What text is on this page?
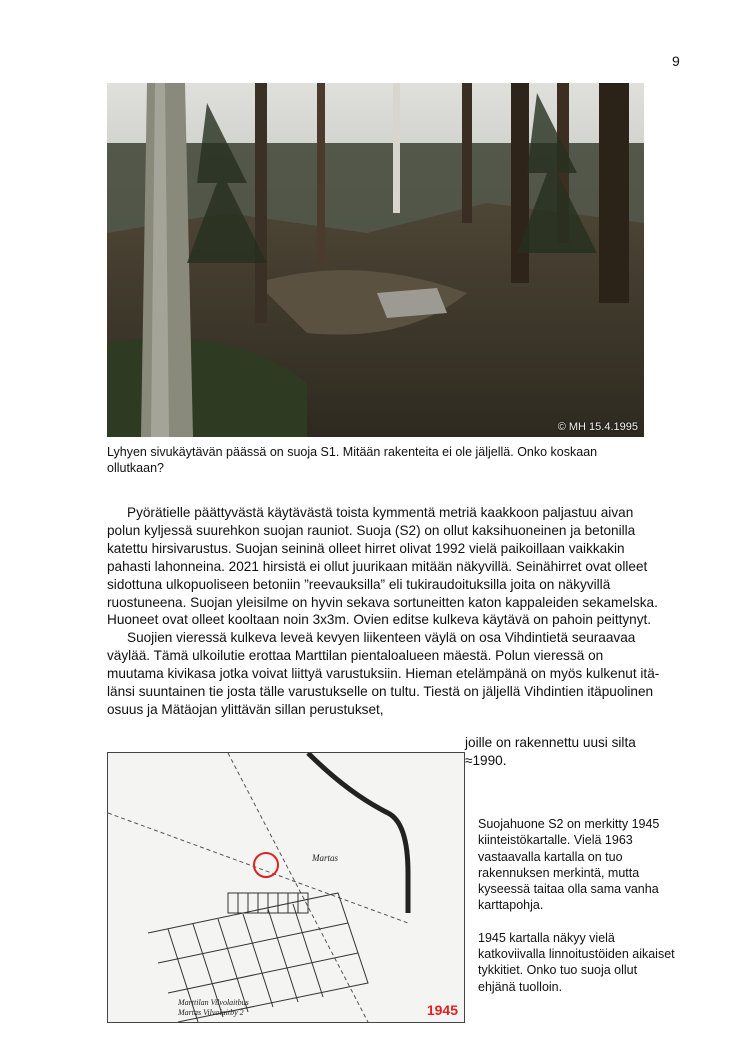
9
© MH 15.4.1995
Lyhyen sivukäytävän päässä on suoja S1. Mitään rakenteita ei ole jäljellä. Onko koskaan ollutkaan?

Pyörätielle päättyvästä käytävästä toista kymmentä metriä kaakkoon paljastuu aivan polun kyljessä suurehkon suojan rauniot. Suoja (S2) on ollut kaksihuoneinen ja betonilla katettu hirsivarustus. Suojan seininä olleet hirret olivat 1992 vielä paikoillaan vaikkakin pahasti lahonneina. 2021 hirsistä ei ollut juurikaan mitään näkyvillä. Seinähirret ovat olleet sidottuna ulkopuoliseen betoniin ”reevauksilla” eli tukiraudoituksilla joita on näkyvillä ruostuneena. Suojan yleisilme on hyvin sekava sortuneitten katon kappaleiden sekamelska. Huoneet ovat olleet kooltaan noin 3x3m. Ovien editse kulkeva käytävä on pahoin peittynyt.

Suojien vieressä kulkeva leveä kevyen liikenteen väylä on osa Vihdintietä seuraavaa väylää. Tämä ulkoilutie erottaa Marttilan pientaloalueen mäestä. Polun vieressä on muutama kivikasa jotka voivat liittyä varustuksiin. Hieman etelämpänä on myös kulkenut itä-länsi suuntainen tie josta tälle varustukselle on tultu. Tiestä on jäljellä Vihdintien itäpuolinen osuus ja Mätäojan ylittävän sillan perustukset,

joille on rakennettu uusi silta ≈1990.
Martas
Marttilan Vilvolaitbus
Martas Vilvolaitby 2	1945

Suojahuone S2 on merkitty 1945 kiinteistökartalle. Vielä 1963 vastaavalla kartalla on tuo rakennuksen merkintä, mutta kyseessä taitaa olla sama vanha karttapohja.

1945 kartalla näkyy vielä katkoviivalla linnoitustöiden aikaiset tykkitiet. Onko tuo suoja ollut ehjänä tuolloin.
